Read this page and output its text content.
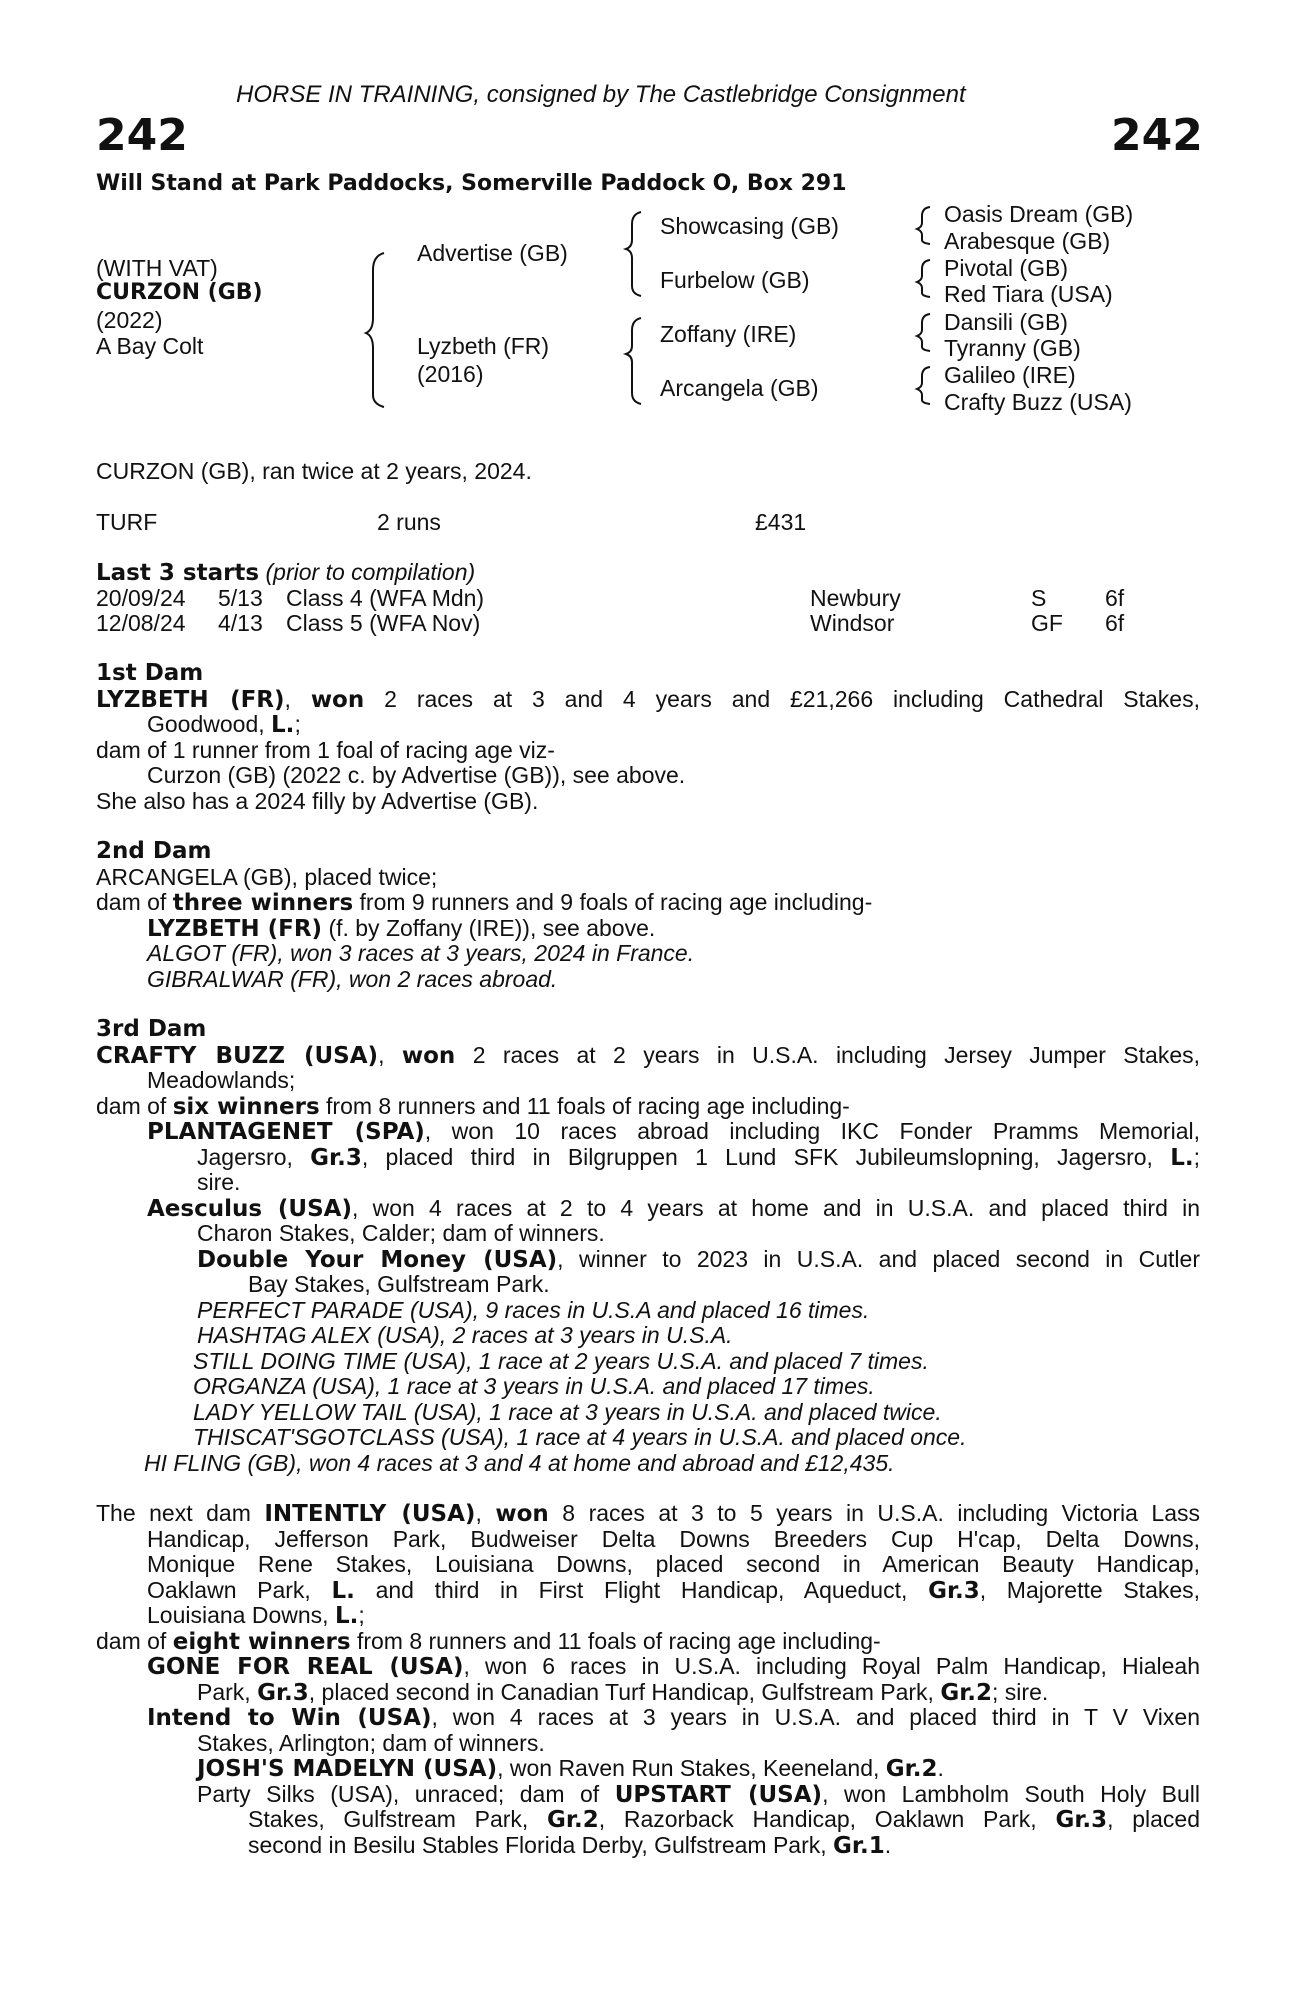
HORSE IN TRAINING, consigned by The Castlebridge Consignment
242	242
Will Stand at Park Paddocks, Somerville Paddock O, Box 291
(WITH VAT)
CURZON (GB)
(2022)
A Bay Colt
Advertise (GB)
Lyzbeth (FR)
(2016)
Showcasing (GB)
Furbelow (GB)
Zoffany (IRE)
Arcangela (GB)
Oasis Dream (GB)
Arabesque (GB)
Pivotal (GB)
Red Tiara (USA)
Dansili (GB)
Tyranny (GB)
Galileo (IRE)
Crafty Buzz (USA)
CURZON (GB), ran twice at 2 years, 2024.
TURF	2 runs	£431
Last 3 starts (prior to compilation)
20/09/24 5/13 Class 4 (WFA Mdn)	Newbury	S	6f
12/08/24 4/13 Class 5 (WFA Nov)	Windsor	GF 6f
1st Dam
LYZBETH (FR), won 2 races at 3 and 4 years and £21,266 including Cathedral Stakes,
Goodwood, L.;
dam of 1 runner from 1 foal of racing age viz-
Curzon (GB) (2022 c. by Advertise (GB)), see above.
She also has a 2024 filly by Advertise (GB).
2nd Dam
ARCANGELA (GB), placed twice;
dam of three winners from 9 runners and 9 foals of racing age including-
LYZBETH (FR) (f. by Zoffany (IRE)), see above.
ALGOT (FR), won 3 races at 3 years, 2024 in France.
GIBRALWAR (FR), won 2 races abroad.
3rd Dam
CRAFTY BUZZ (USA), won 2 races at 2 years in U.S.A. including Jersey Jumper Stakes,
Meadowlands;
dam of six winners from 8 runners and 11 foals of racing age including-
PLANTAGENET (SPA), won 10 races abroad including IKC Fonder Pramms Memorial,
Jagersro, Gr.3, placed third in Bilgruppen 1 Lund SFK Jubileumslopning, Jagersro, L.;
sire.
Aesculus (USA), won 4 races at 2 to 4 years at home and in U.S.A. and placed third in
Charon Stakes, Calder; dam of winners.
Double Your Money (USA), winner to 2023 in U.S.A. and placed second in Cutler
Bay Stakes, Gulfstream Park.
PERFECT PARADE (USA), 9 races in U.S.A and placed 16 times.
HASHTAG ALEX (USA), 2 races at 3 years in U.S.A.
STILL DOING TIME (USA), 1 race at 2 years U.S.A. and placed 7 times.
ORGANZA (USA), 1 race at 3 years in U.S.A. and placed 17 times.
LADY YELLOW TAIL (USA), 1 race at 3 years in U.S.A. and placed twice.
THISCAT'SGOTCLASS (USA), 1 race at 4 years in U.S.A. and placed once.
HI FLING (GB), won 4 races at 3 and 4 at home and abroad and £12,435.
The next dam INTENTLY (USA), won 8 races at 3 to 5 years in U.S.A. including Victoria Lass
Handicap, Jefferson Park, Budweiser Delta Downs Breeders Cup H'cap, Delta Downs,
Monique Rene Stakes, Louisiana Downs, placed second in American Beauty Handicap,
Oaklawn Park, L. and third in First Flight Handicap, Aqueduct, Gr.3, Majorette Stakes,
Louisiana Downs, L.;
dam of eight winners from 8 runners and 11 foals of racing age including-
GONE FOR REAL (USA), won 6 races in U.S.A. including Royal Palm Handicap, Hialeah
Park, Gr.3, placed second in Canadian Turf Handicap, Gulfstream Park, Gr.2; sire.
Intend to Win (USA), won 4 races at 3 years in U.S.A. and placed third in T V Vixen
Stakes, Arlington; dam of winners.
JOSH'S MADELYN (USA), won Raven Run Stakes, Keeneland, Gr.2.
Party Silks (USA), unraced; dam of UPSTART (USA), won Lambholm South Holy Bull
Stakes, Gulfstream Park, Gr.2, Razorback Handicap, Oaklawn Park, Gr.3, placed
second in Besilu Stables Florida Derby, Gulfstream Park, Gr.1.
